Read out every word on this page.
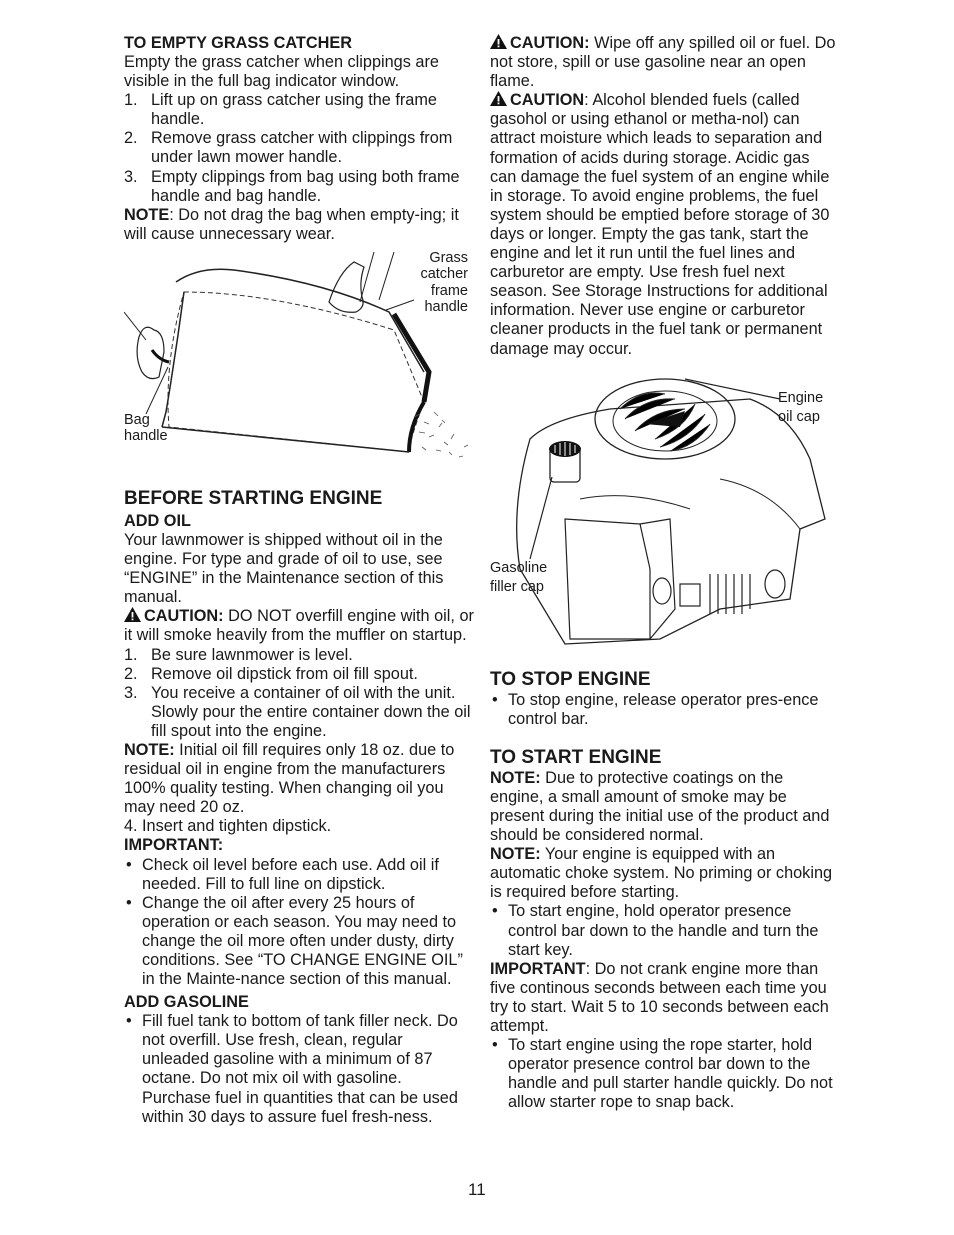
TO EMPTY GRASS CATCHER

Empty the grass catcher when clippings are visible in the full bag indicator window.

1. Lift up on grass catcher using the frame handle.
2. Remove grass catcher with clippings from under lawn mower handle.
3. Empty clippings from bag using both frame handle and bag handle.

NOTE: Do not drag the bag when empty-ing; it will cause unnecessary wear.

Grass catcher frame handle
Bag handle
BEFORE STARTING ENGINE
ADD OIL

Your lawnmower is shipped without oil in the engine. For type and grade of oil to use, see “ENGINE” in the Maintenance section of this manual.

CAUTION: DO NOT overfill engine with oil, or it will smoke heavily from the muffler on startup.

1. Be sure lawnmower is level.
2. Remove oil dipstick from oil fill spout.
3. You receive a container of oil with the unit. Slowly pour the entire container down the oil fill spout into the engine.

NOTE: Initial oil fill requires only 18 oz. due to residual oil in engine from the manufacturers 100% quality testing. When changing oil you may need 20 oz.

4. Insert and tighten dipstick.
IMPORTANT:
• Check oil level before each use. Add oil if needed. Fill to full line on dipstick.
• Change the oil after every 25 hours of operation or each season. You may need to change the oil more often under dusty, dirty conditions. See “TO CHANGE ENGINE OIL” in the Mainte-nance section of this manual.
ADD GASOLINE
• Fill fuel tank to bottom of tank filler neck. Do not overfill. Use fresh, clean, regular unleaded gasoline with a minimum of 87 octane. Do not mix oil with gasoline. Purchase fuel in quantities that can be used within 30 days to assure fuel fresh-ness.

CAUTION: Wipe off any spilled oil or fuel. Do not store, spill or use gasoline near an open flame.

CAUTION: Alcohol blended fuels (called gasohol or using ethanol or metha-nol) can attract moisture which leads to separation and formation of acids during storage. Acidic gas can damage the fuel system of an engine while in storage. To avoid engine problems, the fuel system should be emptied before storage of 30 days or longer. Empty the gas tank, start the engine and let it run until the fuel lines and carburetor are empty. Use fresh fuel next season. See Storage Instructions for additional information. Never use engine or carburetor cleaner products in the fuel tank or permanent damage may occur.

Engine oil cap
Gasoline filler cap
TO STOP ENGINE
• To stop engine, release operator pres-ence control bar.
TO START ENGINE

NOTE: Due to protective coatings on the engine, a small amount of smoke may be present during the initial use of the product and should be considered normal.

NOTE: Your engine is equipped with an automatic choke system. No priming or choking is required before starting.

• To start engine, hold operator presence control bar down to the handle and turn the start key.

IMPORTANT: Do not crank engine more than five continous seconds between each time you try to start. Wait 5 to 10 seconds between each attempt.

• To start engine using the rope starter, hold operator presence control bar down to the handle and pull starter handle quickly. Do not allow starter rope to snap back.
11
